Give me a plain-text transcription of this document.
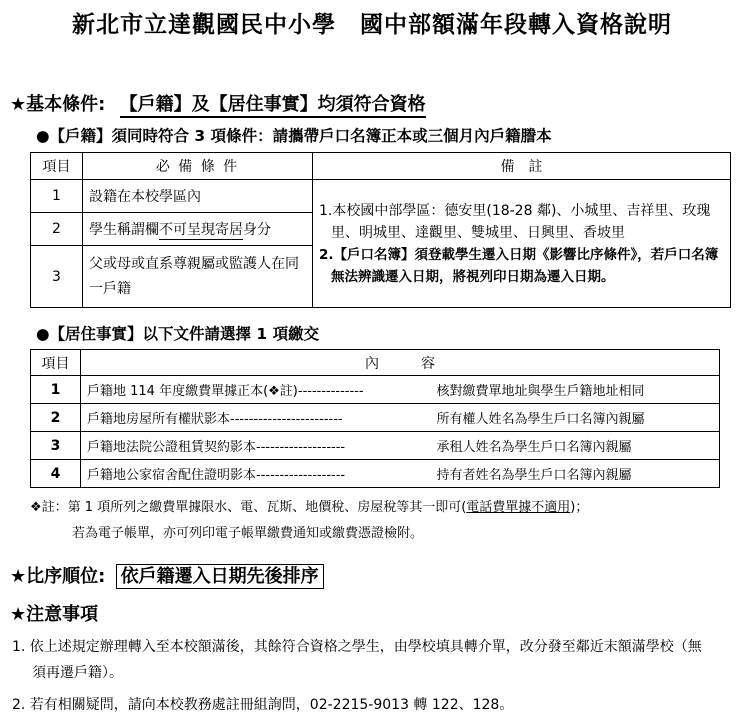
新北市立達觀國民中小學　國中部額滿年段轉入資格說明
★基本條件: 【戶籍】及【居住事實】均須符合資格
●【戶籍】須同時符合 3 項條件：請攜帶戶口名簿正本或三個月內戶籍謄本
項目	必 備 條 件	備　註
1	設籍在本校學區內	1.本校國中部學區：德安里(18-28 鄰)、小城里、吉祥里、玫瑰里、明城里、達觀里、雙城里、日興里、香坡里
2.【戶口名簿】須登載學生遷入日期《影響比序條件》，若戶口名簿無法辨識遷入日期，將視列印日期為遷入日期。

2	學生稱謂欄不可呈現寄居身分	
3	父或母或直系尊親屬或監護人在同一戶籍	
●【居住事實】以下文件請選擇 1 項繳交
項目	內　　　容	
1	戶籍地 114 年度繳費單據正本(❖註)--------------	核對繳費單地址與學生戶籍地址相同
2	戶籍地房屋所有權狀影本------------------------	所有權人姓名為學生戶口名簿內親屬
3	戶籍地法院公證租賃契約影本-------------------	承租人姓名為學生戶口名簿內親屬
4	戶籍地公家宿舍配住證明影本-------------------	持有者姓名為學生戶口名簿內親屬
❖註：第 1 項所列之繳費單據限水、電、瓦斯、地價稅、房屋稅等其一即可(電話費單據不適用)；
若為電子帳單，亦可列印電子帳單繳費通知或繳費憑證檢附。
★比序順位: 依戶籍遷入日期先後排序
★注意事項
1. 依上述規定辦理轉入至本校額滿後，其餘符合資格之學生，由學校填具轉介單，改分發至鄰近末額滿學校（無須再遷戶籍）。
2. 若有相關疑問，請向本校教務處註冊組詢問，02-2215-9013 轉 122、128。
